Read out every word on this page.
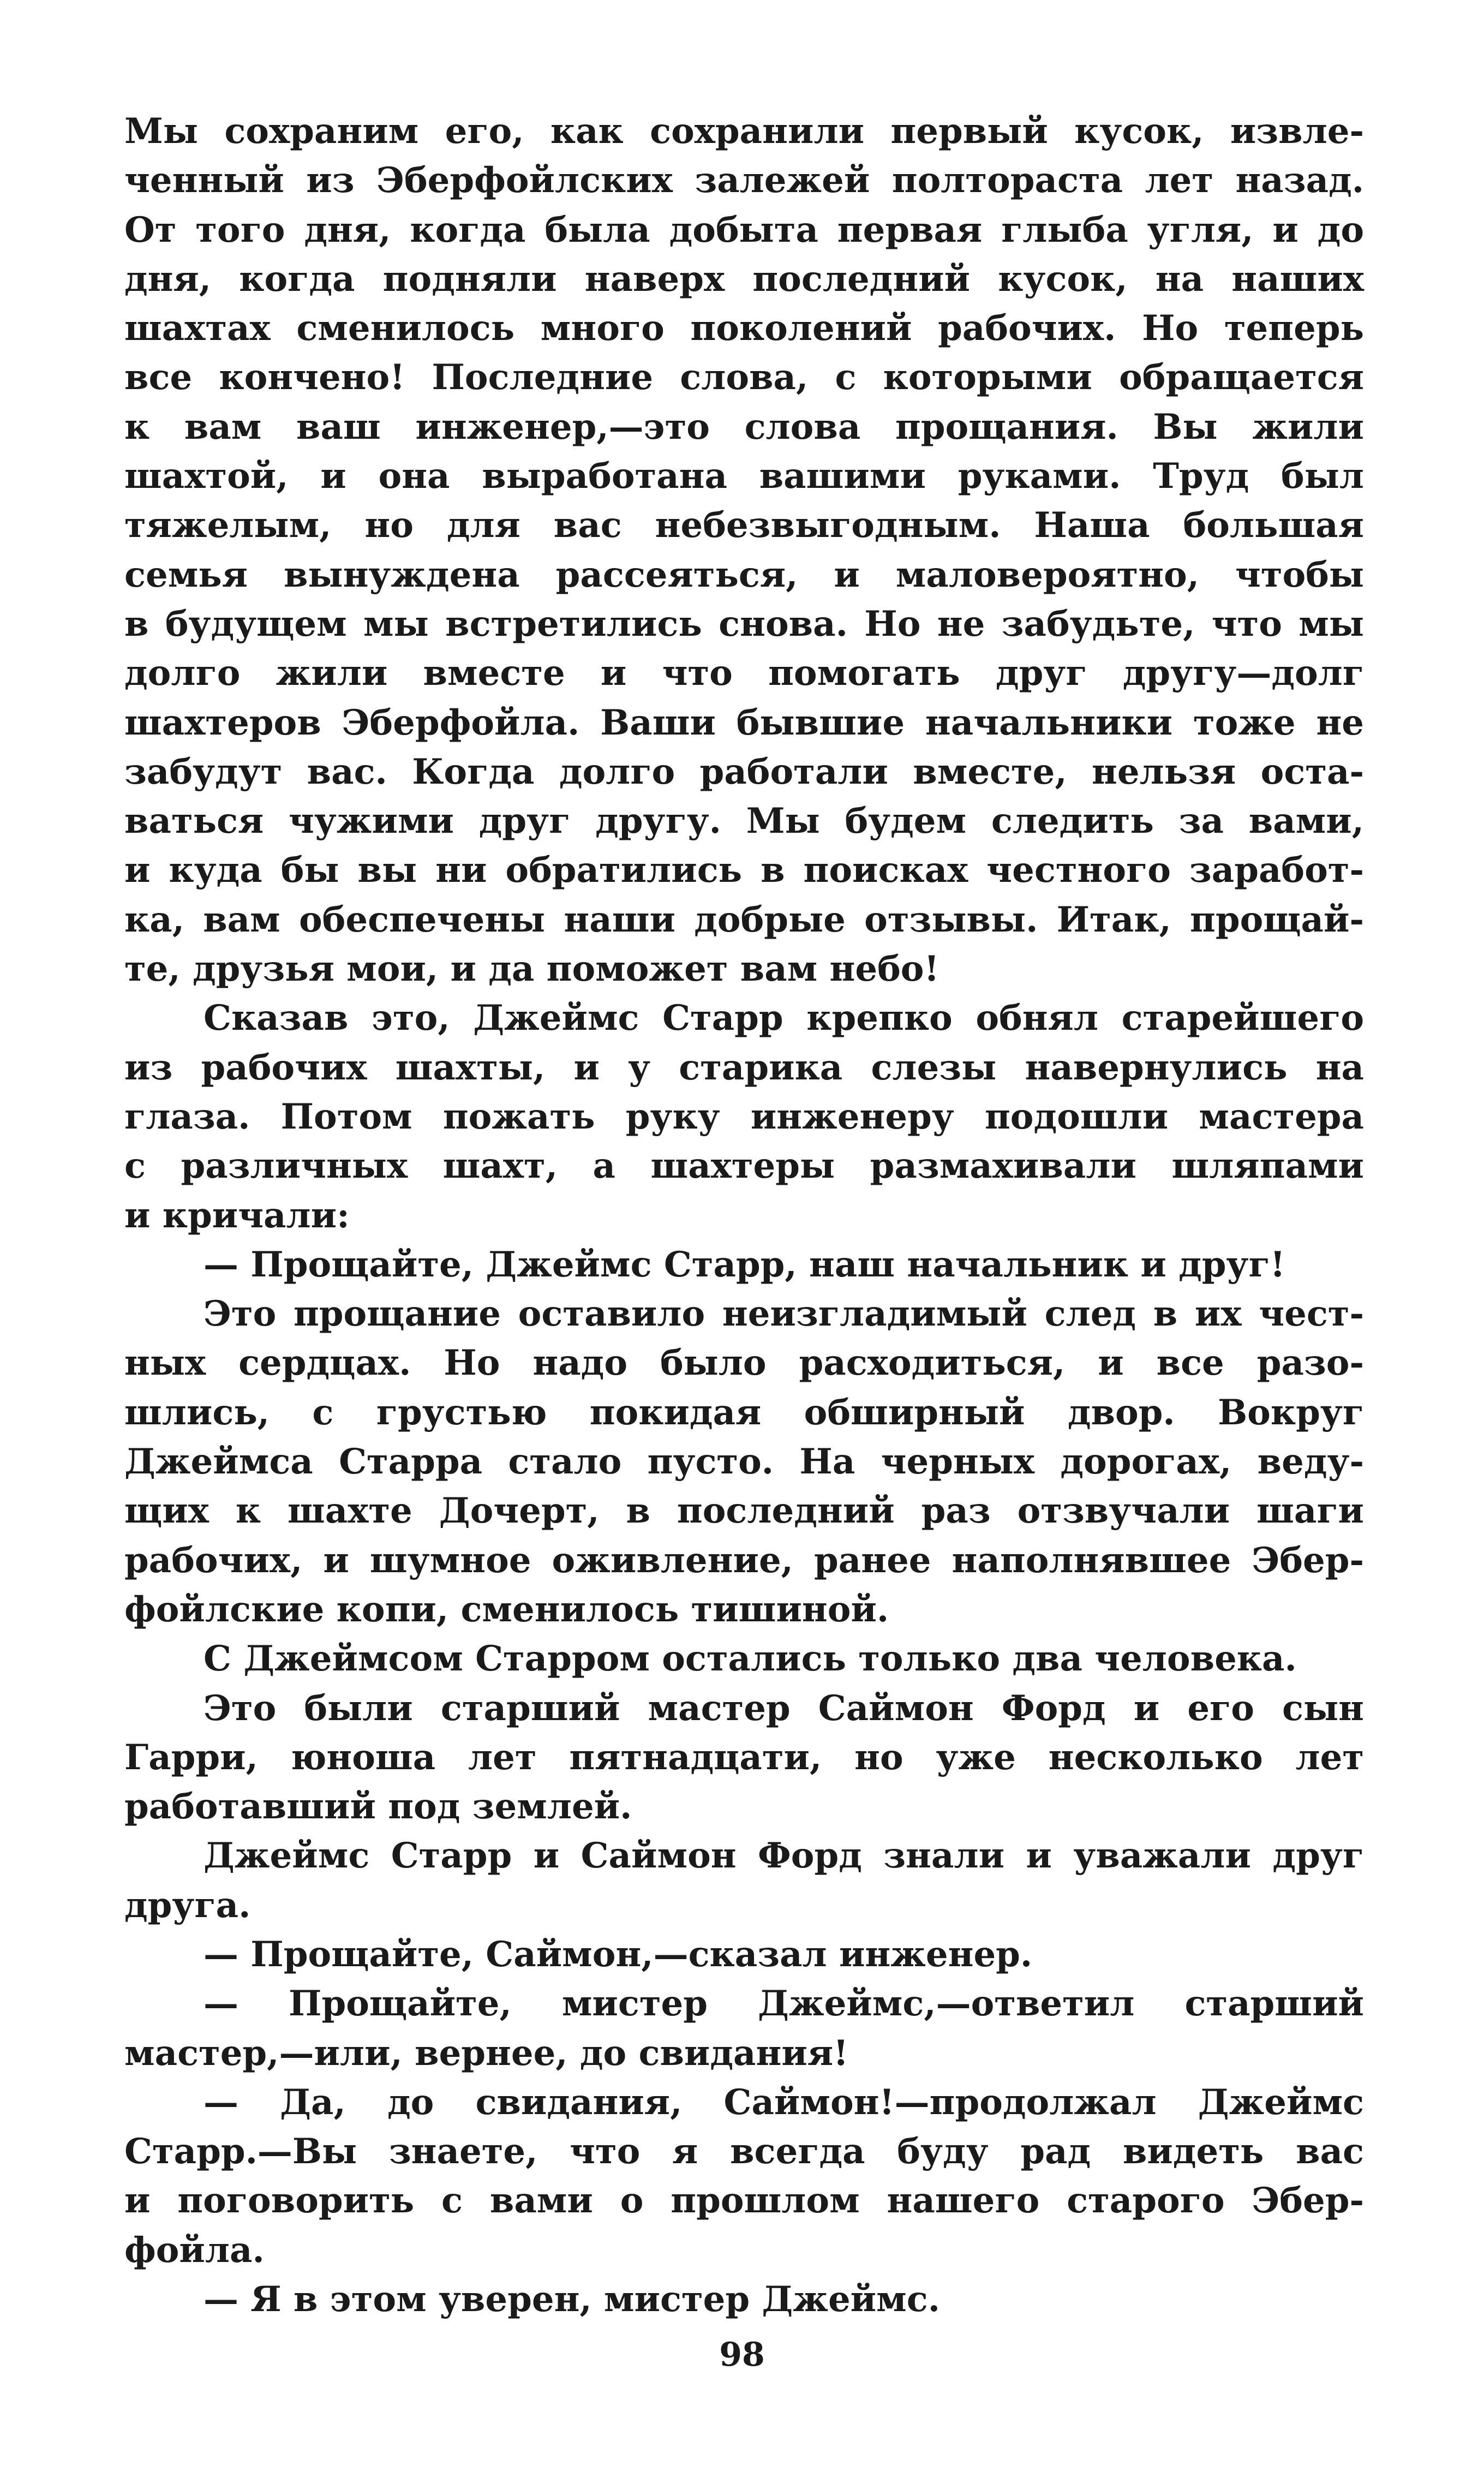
Мы сохраним его, как сохранили первый кусок, извле-
ченный из Эберфойлских залежей полтораста лет назад.
От того дня, когда была добыта первая глыба угля, и до
дня, когда подняли наверх последний кусок, на наших
шахтах сменилось много поколений рабочих. Но теперь
все кончено! Последние слова, с которыми обращается
к вам ваш инженер,—это слова прощания. Вы жили
шахтой, и она выработана вашими руками. Труд был
тяжелым, но для вас небезвыгодным. Наша большая
семья вынуждена рассеяться, и маловероятно, чтобы
в будущем мы встретились снова. Но не забудьте, что мы
долго жили вместе и что помогать друг другу—долг
шахтеров Эберфойла. Ваши бывшие начальники тоже не
забудут вас. Когда долго работали вместе, нельзя оста-
ваться чужими друг другу. Мы будем следить за вами,
и куда бы вы ни обратились в поисках честного заработ-
ка, вам обеспечены наши добрые отзывы. Итак, прощай-
те, друзья мои, и да поможет вам небо!
Сказав это, Джеймс Старр крепко обнял старейшего
из рабочих шахты, и у старика слезы навернулись на
глаза. Потом пожать руку инженеру подошли мастера
с различных шахт, а шахтеры размахивали шляпами
и кричали:
— Прощайте, Джеймс Старр, наш начальник и друг!
Это прощание оставило неизгладимый след в их чест-
ных сердцах. Но надо было расходиться, и все разо-
шлись, с грустью покидая обширный двор. Вокруг
Джеймса Старра стало пусто. На черных дорогах, веду-
щих к шахте Дочерт, в последний раз отзвучали шаги
рабочих, и шумное оживление, ранее наполнявшее Эбер-
фойлские копи, сменилось тишиной.
С Джеймсом Старром остались только два человека.
Это были старший мастер Саймон Форд и его сын
Гарри, юноша лет пятнадцати, но уже несколько лет
работавший под землей.
Джеймс Старр и Саймон Форд знали и уважали друг
друга.
— Прощайте, Саймон,—сказал инженер.
— Прощайте, мистер Джеймс,—ответил старший
мастер,—или, вернее, до свидания!
— Да, до свидания, Саймон!—продолжал Джеймс
Старр.—Вы знаете, что я всегда буду рад видеть вас
и поговорить с вами о прошлом нашего старого Эбер-
фойла.
— Я в этом уверен, мистер Джеймс.
98
